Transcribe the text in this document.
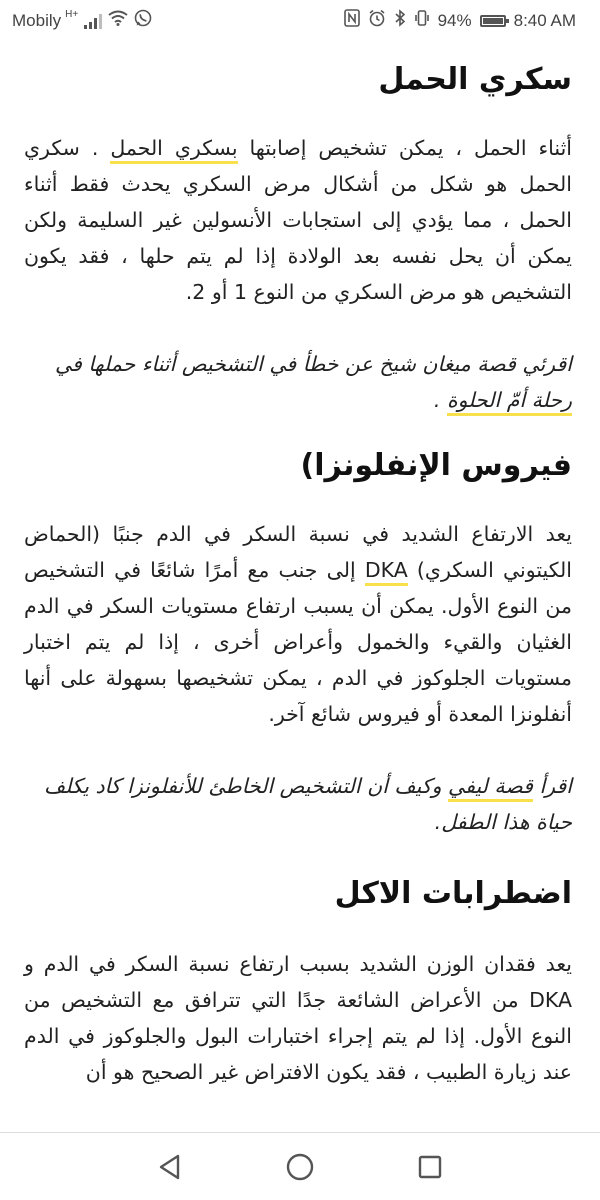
Mobily H+	94% 8:40 AM
سكري الحمل

أثناء الحمل ، يمكن تشخيص إصابتها بسكري الحمل . سكري الحمل هو شكل من أشكال مرض السكري يحدث فقط أثناء الحمل ، مما يؤدي إلى استجابات الأنسولين غير السليمة ولكن يمكن أن يحل نفسه بعد الولادة إذا لم يتم حلها ، فقد يكون التشخيص هو مرض السكري من النوع 1 أو 2.

اقرئي قصة ميغان شيخ عن خطأ في التشخيص أثناء حملها في رحلة أمّ الحلوة .

فيروس الإنفلونزا)

يعد الارتفاع الشديد في نسبة السكر في الدم جنبًا (الحماض الكيتوني السكري) DKA إلى جنب مع أمرًا شائعًا في التشخيص من النوع الأول. يمكن أن يسبب ارتفاع مستويات السكر في الدم الغثيان والقيء والخمول وأعراض أخرى ، إذا لم يتم اختبار مستويات الجلوكوز في الدم ، يمكن تشخيصها بسهولة على أنها أنفلونزا المعدة أو فيروس شائع آخر.

اقرأ قصة ليفي وكيف أن التشخيص الخاطئ للأنفلونزا كاد يكلف حياة هذا الطفل.

اضطرابات الاكل

يعد فقدان الوزن الشديد بسبب ارتفاع نسبة السكر في الدم و DKA من الأعراض الشائعة جدًا التي تترافق مع التشخيص من النوع الأول. إذا لم يتم إجراء اختبارات البول والجلوكوز في الدم عند زيارة الطبيب ، فقد يكون الافتراض غير الصحيح هو أن
